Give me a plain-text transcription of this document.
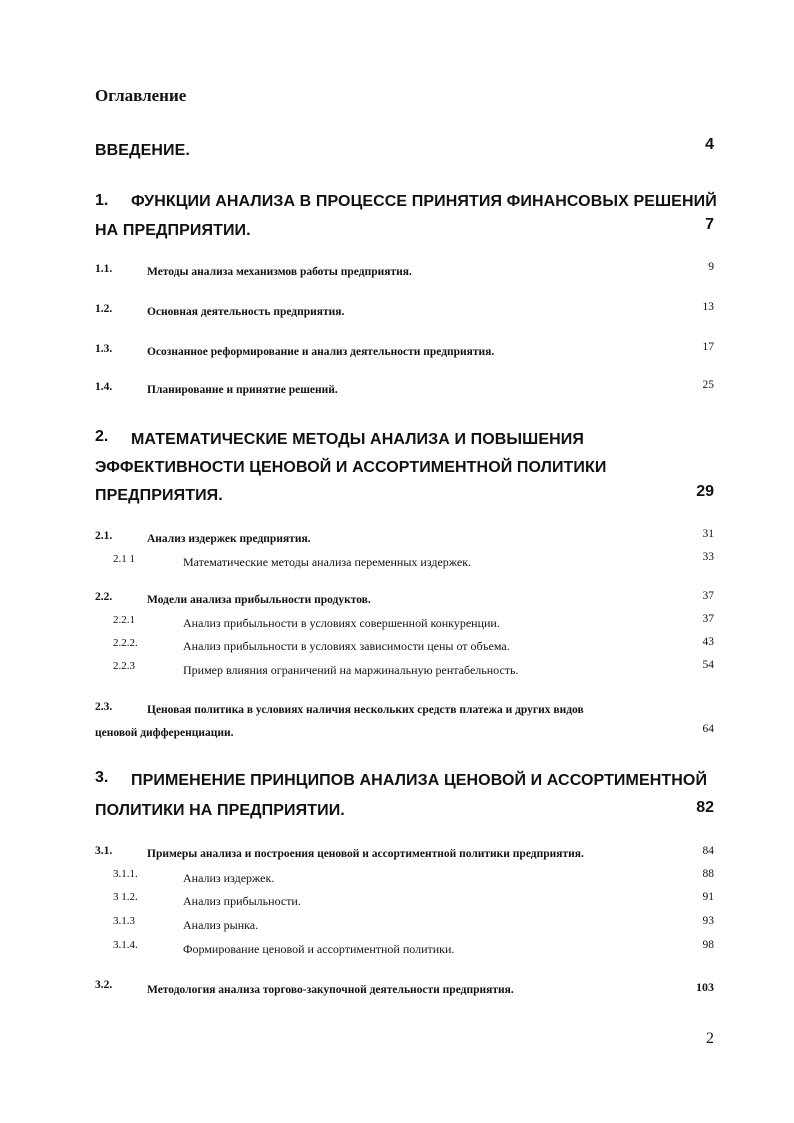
Оглавление
ВВЕДЕНИЕ.	4
1. ФУНКЦИИ АНАЛИЗА В ПРОЦЕССЕ ПРИНЯТИЯ ФИНАНСОВЫХ РЕШЕНИЙ
НА ПРЕДПРИЯТИИ.	7
1.1.	Методы анализа механизмов работы предприятия.	9
1.2.	Основная деятельность предприятия.	13
1.3.	Осознанное реформирование и анализ деятельности предприятия.	17
1.4.	Планирование и принятие решений.	25
2. МАТЕМАТИЧЕСКИЕ МЕТОДЫ АНАЛИЗА И ПОВЫШЕНИЯ
ЭФФЕКТИВНОСТИ ЦЕНОВОЙ И АССОРТИМЕНТНОЙ ПОЛИТИКИ
ПРЕДПРИЯТИЯ.	29
2.1.	Анализ издержек предприятия.	31
2.1 1	Математические методы анализа переменных издержек.	33
2.2.	Модели анализа прибыльности продуктов.	37
2.2.1	Анализ прибыльности в условиях совершенной конкуренции.	37
2.2.2.	Анализ прибыльности в условиях зависимости цены от объема.	43
2.2.3	Пример влияния ограничений на маржинальную рентабельность.	54
2.3.	Ценовая политика в условиях наличия нескольких средств платежа и других видов
ценовой дифференциации.	64
3. ПРИМЕНЕНИЕ ПРИНЦИПОВ АНАЛИЗА ЦЕНОВОЙ И АССОРТИМЕНТНОЙ
ПОЛИТИКИ НА ПРЕДПРИЯТИИ.	82
3.1.	Примеры анализа и построения ценовой и ассортиментной политики предприятия.	84
3.1.1.	Анализ издержек.	88
3 1.2.	Анализ прибыльности.	91
3.1.3	Анализ рынка.	93
3.1.4.	Формирование ценовой и ассортиментной политики.	98
3.2.	Методология анализа торгово-закупочной деятельности предприятия.	103
2
